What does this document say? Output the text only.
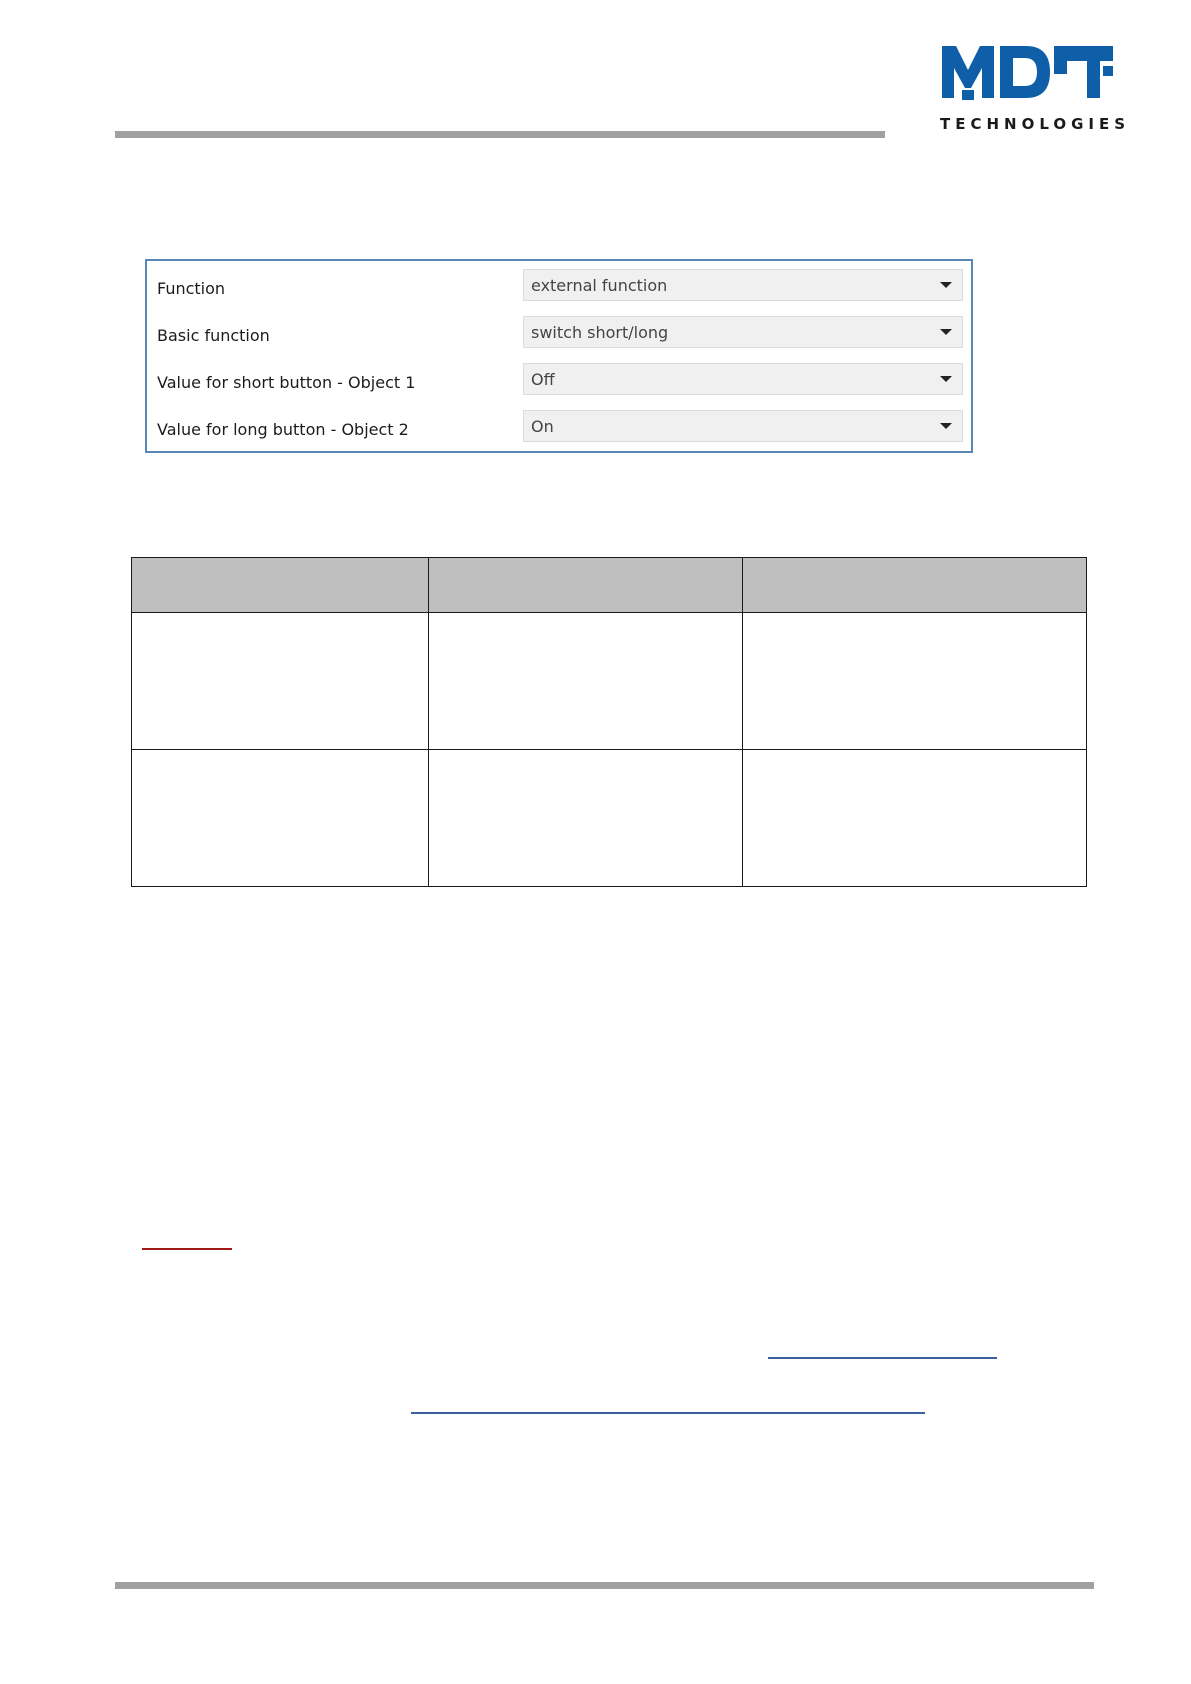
TECHNOLOGIES
Function	external function
Basic function	switch short/long
Value for short button - Object 1	Off
Value for long button - Object 2	On
